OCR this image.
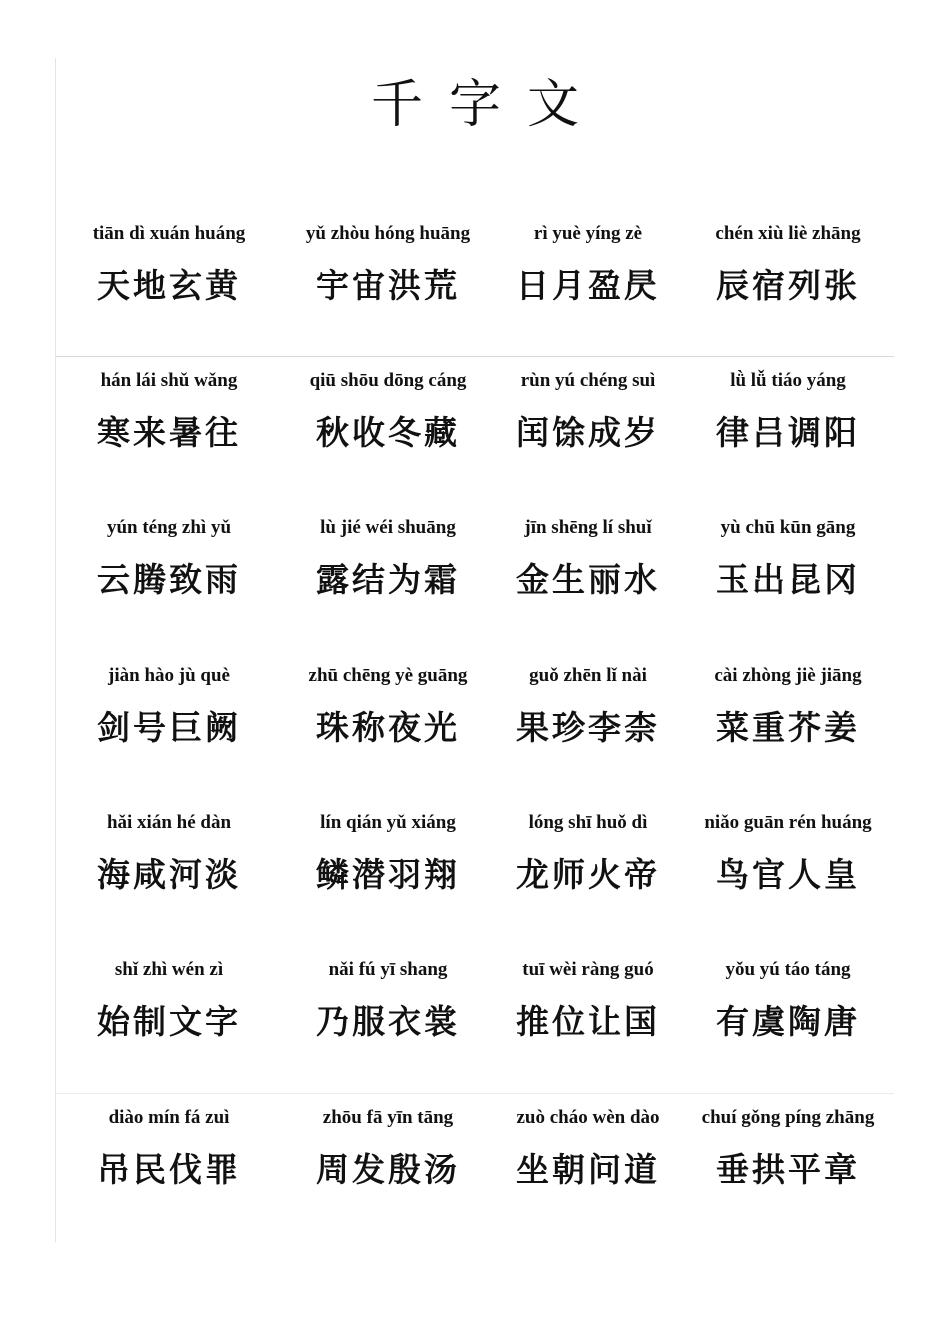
千字文
tiān dì xuán huáng
天地玄黄
yǔ zhòu hóng huāng
宇宙洪荒
rì yuè yíng zè
日月盈昃
chén xiù liè zhāng
辰宿列张
hán lái shǔ wǎng
寒来暑往
qiū shōu dōng cáng
秋收冬藏
rùn yú chéng suì
闰馀成岁
lǜ lǚ tiáo yáng
律吕调阳
yún téng zhì yǔ
云腾致雨
lù jié wéi shuāng
露结为霜
jīn shēng lí shuǐ
金生丽水
yù chū kūn gāng
玉出昆冈
jiàn hào jù què
剑号巨阙
zhū chēng yè guāng
珠称夜光
guǒ zhēn lǐ nài
果珍李柰
cài zhòng jiè jiāng
菜重芥姜
hǎi xián hé dàn
海咸河淡
lín qián yǔ xiáng
鳞潜羽翔
lóng shī huǒ dì
龙师火帝
niǎo guān rén huáng
鸟官人皇
shǐ zhì wén zì
始制文字
nǎi fú yī shang
乃服衣裳
tuī wèi ràng guó
推位让国
yǒu yú táo táng
有虞陶唐
diào mín fá zuì
吊民伐罪
zhōu fā yīn tāng
周发殷汤
zuò cháo wèn dào
坐朝问道
chuí gǒng píng zhāng
垂拱平章
